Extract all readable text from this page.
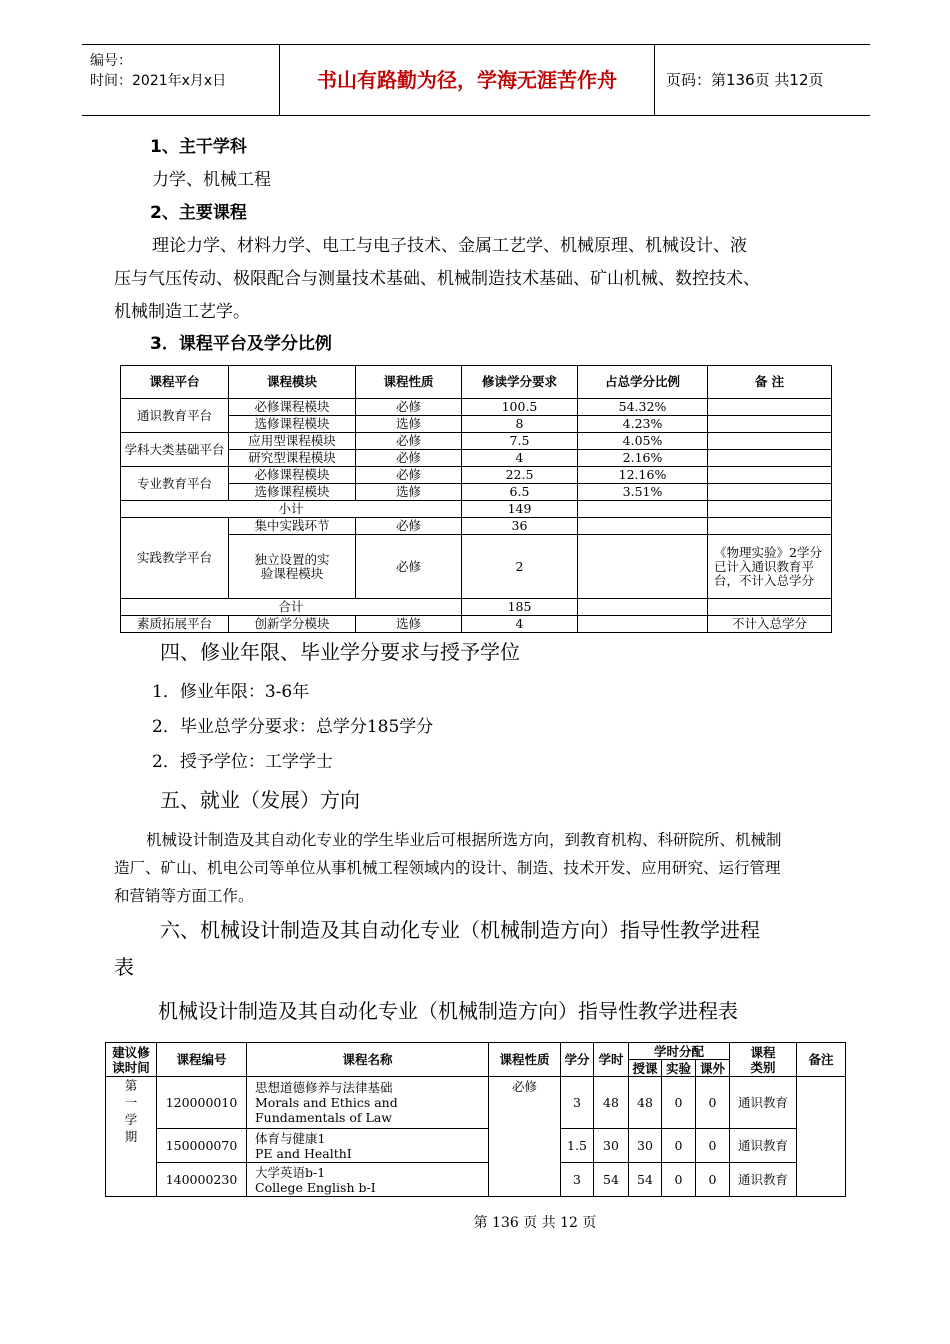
编号：
时间：2021年x月x日	书山有路勤为径，学海无涯苦作舟	页码：第136页 共12页
1、主干学科
力学、机械工程
2、主要课程
理论力学、材料力学、电工与电子技术、金属工艺学、机械原理、机械设计、液
压与气压传动、极限配合与测量技术基础、机械制造技术基础、矿山机械、数控技术、
机械制造工艺学。
3．课程平台及学分比例
课程平台	课程模块	课程性质	修读学分要求	占总学分比例	备 注
通识教育平台	必修课程模块	必修	100.5	54.32%	
	选修课程模块	选修	8	4.23%	
学科大类基础平台	应用型课程模块	必修	7.5	4.05%	
	研究型课程模块	必修	4	2.16%	
专业教育平台	必修课程模块	必修	22.5	12.16%	
	选修课程模块	选修	6.5	3.51%	
小计			149		
实践教学平台	集中实践环节	必修	36		

	独立设置的实验课程模块	必修	2		《物理实验》2学分已计入通识教育平台，不计入总学分
合计			185		
素质拓展平台	创新学分模块	选修	4		不计入总学分
四、修业年限、毕业学分要求与授予学位
1．修业年限：3-6年
2．毕业总学分要求：总学分185学分
2．授予学位：工学学士
五、就业（发展）方向
机械设计制造及其自动化专业的学生毕业后可根据所选方向，到教育机构、科研院所、机械制
造厂、矿山、机电公司等单位从事机械工程领域内的设计、制造、技术开发、应用研究、运行管理
和营销等方面工作。
六、机械设计制造及其自动化专业（机械制造方向）指导性教学进程
表
机械设计制造及其自动化专业（机械制造方向）指导性教学进程表
建议修读时间	课程编号	课程名称	课程性质	学分	学时	学时分配			课程类别	备注
						授课	实验	课外		

第一学期	120000010	思想道德修养与法律基础
Morals and Ethics and Fundamentals of Law	必修	3	48	48	0	0	通识教育	
	150000070	体育与健康1
PE and HealthⅠ		1.5	30	30	0	0	通识教育	
	140000230	大学英语b-1
College English b-Ⅰ		3	54	54	0	0	通识教育	
第 136 页 共 12 页
